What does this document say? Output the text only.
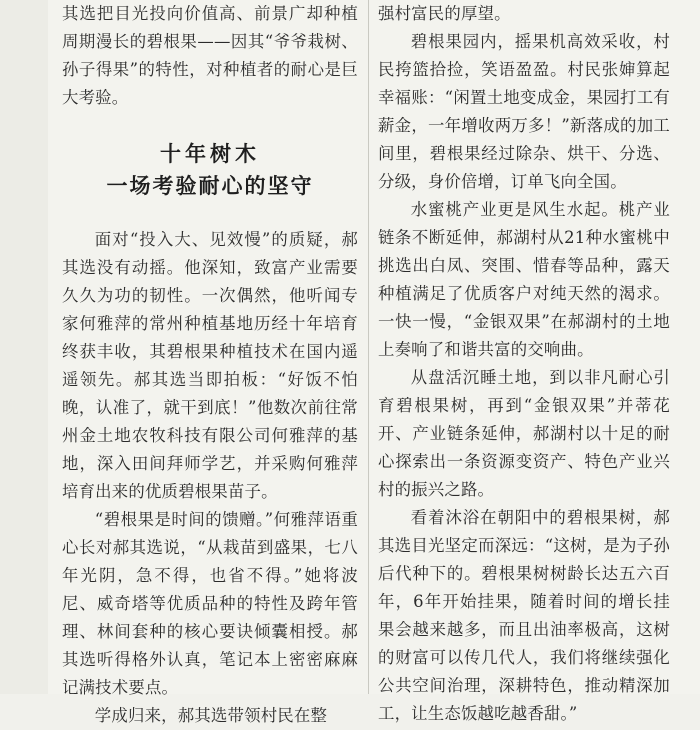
其选把目光投向价值高、前景广却种植周期漫长的碧根果——因其“爷爷栽树、孙子得果”的特性，对种植者的耐心是巨大考验。

十年树木
一场考验耐心的坚守

面对“投入大、见效慢”的质疑，郝其选没有动摇。他深知，致富产业需要久久为功的韧性。一次偶然，他听闻专家何雅萍的常州种植基地历经十年培育终获丰收，其碧根果种植技术在国内遥遥领先。郝其选当即拍板：“好饭不怕晚，认准了，就干到底！”他数次前往常州金土地农牧科技有限公司何雅萍的基地，深入田间拜师学艺，并采购何雅萍培育出来的优质碧根果苗子。

“碧根果是时间的馈赠。”何雅萍语重心长对郝其选说，“从栽苗到盛果，七八年光阴，急不得，也省不得。”她将波尼、威奇塔等优质品种的特性及跨年管理、林间套种的核心要诀倾囊相授。郝其选听得格外认真，笔记本上密密麻麻记满技术要点。

学成归来，郝其选带领村民在整

强村富民的厚望。

碧根果园内，摇果机高效采收，村民挎篮拾捡，笑语盈盈。村民张婶算起幸福账：“闲置土地变成金，果园打工有薪金，一年增收两万多！”新落成的加工间里，碧根果经过除杂、烘干、分选、分级，身价倍增，订单飞向全国。

水蜜桃产业更是风生水起。桃产业链条不断延伸，郝湖村从21种水蜜桃中挑选出白凤、突围、惜春等品种，露天种植满足了优质客户对纯天然的渴求。一快一慢，“金银双果”在郝湖村的土地上奏响了和谐共富的交响曲。

从盘活沉睡土地，到以非凡耐心引育碧根果树，再到“金银双果”并蒂花开、产业链条延伸，郝湖村以十足的耐心探索出一条资源变资产、特色产业兴村的振兴之路。

看着沐浴在朝阳中的碧根果树，郝其选目光坚定而深远：“这树，是为子孙后代种下的。碧根果树树龄长达五六百年，6年开始挂果，随着时间的增长挂果会越来越多，而且出油率极高，这树的财富可以传几代人，我们将继续强化公共空间治理，深耕特色，推动精深加工，让生态饭越吃越香甜。”
